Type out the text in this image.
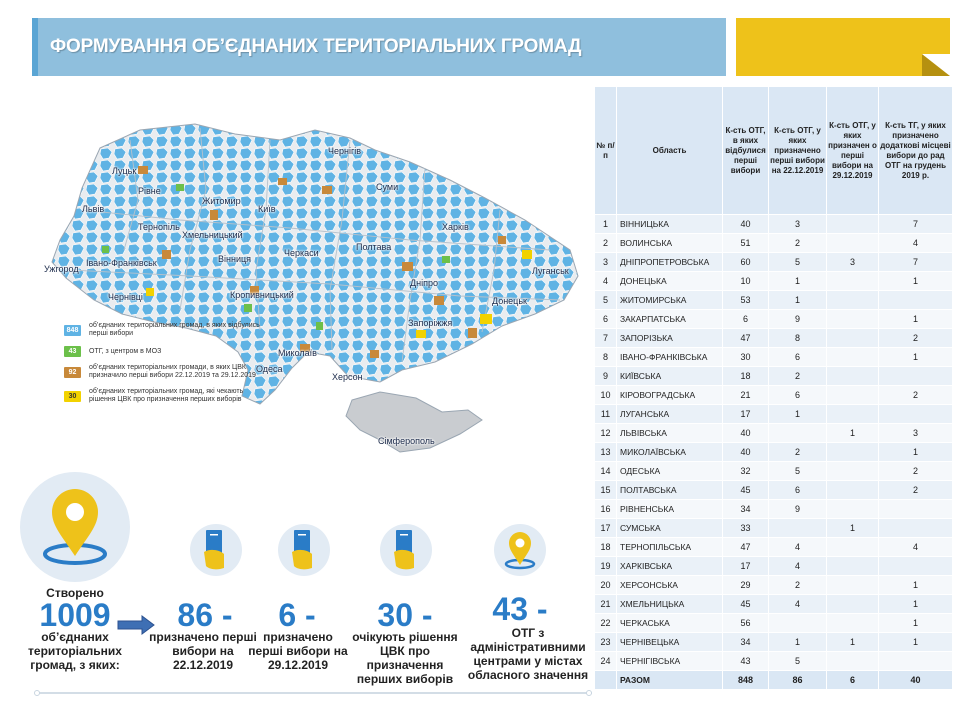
ФОРМУВАННЯ ОБ’ЄДНАНИХ ТЕРИТОРІАЛЬНИХ ГРОМАД
Луцьк
Рівне
Житомир
Чернігів
Суми
Львів
Тернопіль
Київ
Хмельницький
Харків
Полтава
Вінниця
Черкаси
Луганськ
Ужгород
Івано-Франківськ
Чернівці	Кропивницький
Дніпро
Донецьк
Запоріжжя
Миколаїв
Одеса
Херсон
Сімферополь
848
об’єднаних територіальних громад, в яких відбулись перші вибори
43	ОТГ, з центром в МОЗ
92
об’єднаних територіальних громади, в яких ЦВК призначило перші вибори 22.12.2019 та 29.12.2019
30
об’єднаних територіальних громад, які чекають рішення ЦВК про призначення перших виборів
№ п/п	Область	К-сть ОТГ, в яких відбулися перші вибори	К-сть ОТГ, у яких призначено перші вибори на 22.12.2019	К-сть ОТГ, у яких призначен о перші вибори на 29.12.2019	К-сть ТГ, у яких призначено додаткові місцеві вибори до рад ОТГ на грудень 2019 р.
1	ВІННИЦЬКА	40	3		7
2	ВОЛИНСЬКА	51	2		4
3	ДНІПРОПЕТРОВСЬКА	60	5	3	7
4	ДОНЕЦЬКА	10	1		1
5	ЖИТОМИРСЬКА	53	1		
6	ЗАКАРПАТСЬКА	6	9		1
7	ЗАПОРІЗЬКА	47	8		2
8	ІВАНО-ФРАНКІВСЬКА	30	6		1
9	КИЇВСЬКА	18	2		
10	КІРОВОГРАДСЬКА	21	6		2
11	ЛУГАНСЬКА	17	1		
12	ЛЬВІВСЬКА	40		1	3
13	МИКОЛАЇВСЬКА	40	2		1
14	ОДЕСЬКА	32	5		2
15	ПОЛТАВСЬКА	45	6		2
16	РІВНЕНСЬКА	34	9		
17	СУМСЬКА	33		1	
18	ТЕРНОПІЛЬСЬКА	47	4		4
19	ХАРКІВСЬКА	17	4		
20	ХЕРСОНСЬКА	29	2		1
21	ХМЕЛЬНИЦЬКА	45	4		1
22	ЧЕРКАСЬКА	56			1
23	ЧЕРНІВЕЦЬКА	34	1	1	1
24	ЧЕРНІГІВСЬКА	43	5		
	РАЗОМ	848	86	6	40
Створено
1009
об’єднаних територіальних громад, з яких:
86 -
призначено перші вибори на 22.12.2019
6 -
призначено перші вибори на 29.12.2019
30 -
очікують рішення ЦВК про призначення перших виборів
43 -
ОТГ з адміністративними центрами у містах обласного значення
